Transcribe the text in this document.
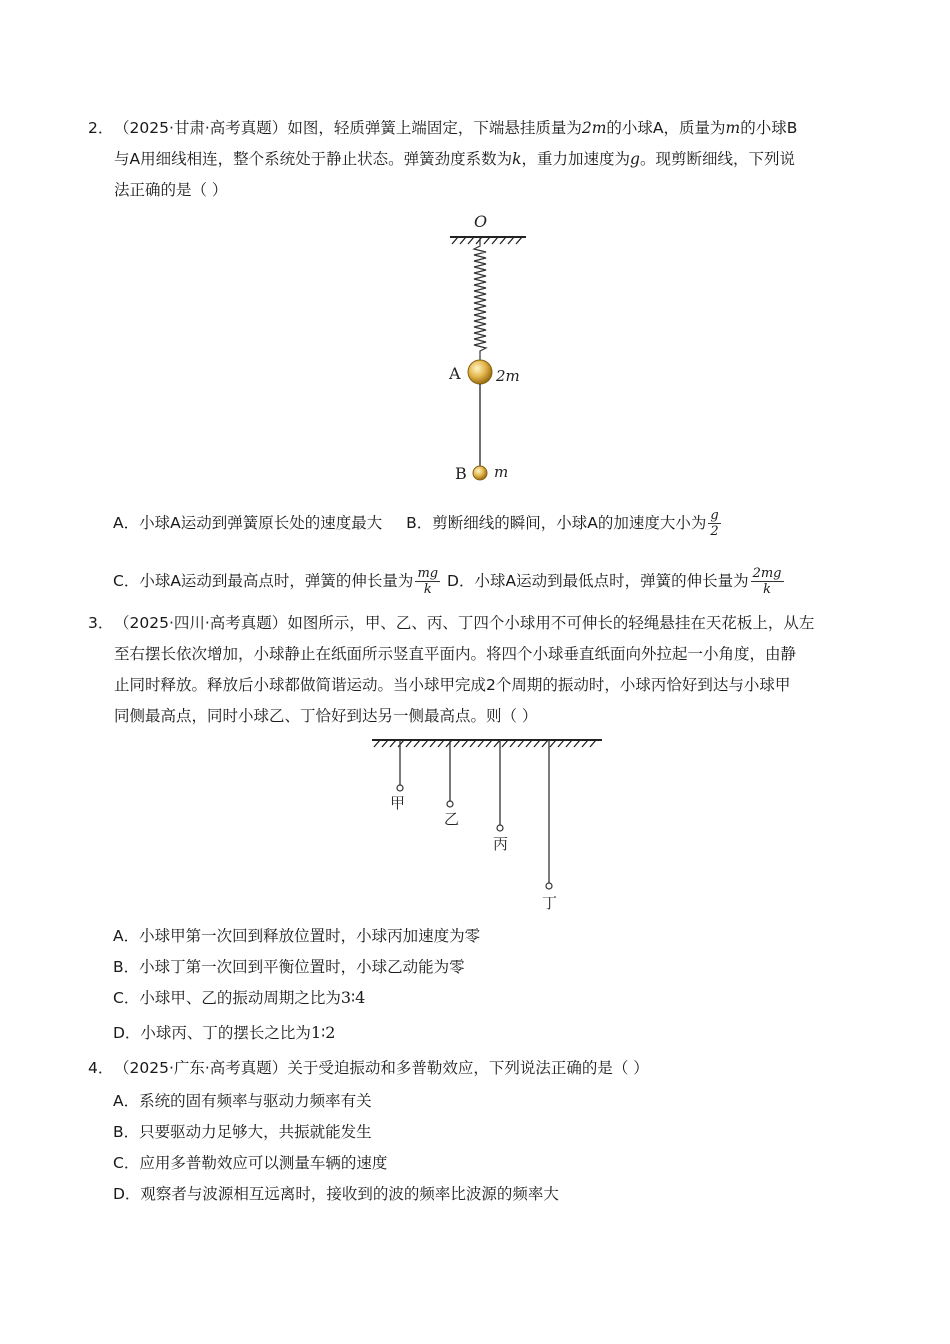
2．（2025·甘肃·高考真题）如图，轻质弹簧上端固定，下端悬挂质量为2m的小球A，质量为m的小球B
与A用细线相连，整个系统处于静止状态。弹簧劲度系数为k，重力加速度为g。现剪断细线，下列说
法正确的是（ ）
O
A 2m
B m
A．小球A运动到弹簧原长处的速度最大 B．剪断细线的瞬间，小球A的加速度大小为 $\frac{g}{2}$
C．小球A运动到最高点时，弹簧的伸长量为 $\frac{mg}{k}$ D．小球A运动到最低点时，弹簧的伸长量为 $\frac{2mg}{k}$
3．（2025·四川·高考真题）如图所示，甲、乙、丙、丁四个小球用不可伸长的轻绳悬挂在天花板上，从左
至右摆长依次增加，小球静止在纸面所示竖直平面内。将四个小球垂直纸面向外拉起一小角度，由静
止同时释放。释放后小球都做简谐运动。当小球甲完成2个周期的振动时，小球丙恰好到达与小球甲
同侧最高点，同时小球乙、丁恰好到达另一侧最高点。则（ ）
甲
乙
丙
丁
A．小球甲第一次回到释放位置时，小球丙加速度为零
B．小球丁第一次回到平衡位置时，小球乙动能为零
C．小球甲、乙的振动周期之比为3∶4
D．小球丙、丁的摆长之比为1∶2
4．（2025·广东·高考真题）关于受迫振动和多普勒效应，下列说法正确的是（ ）
A．系统的固有频率与驱动力频率有关
B．只要驱动力足够大，共振就能发生
C．应用多普勒效应可以测量车辆的速度
D．观察者与波源相互远离时，接收到的波的频率比波源的频率大
